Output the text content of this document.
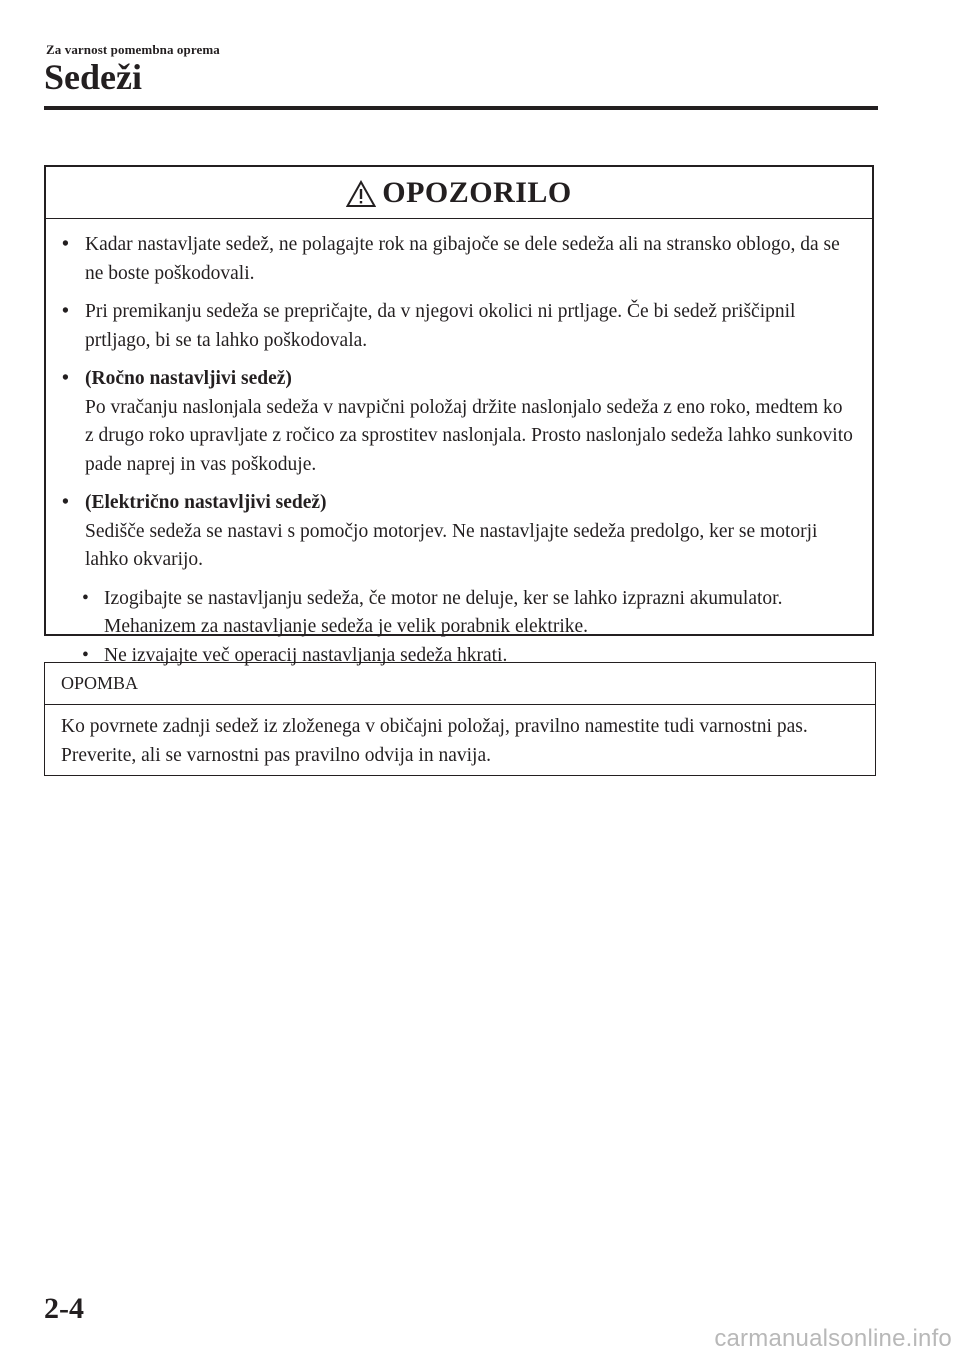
Za varnost pomembna oprema
Sedeži
OPOZORILO
• Kadar nastavljate sedež, ne polagajte rok na gibajoče se dele sedeža ali na stransko oblogo, da se ne boste poškodovali.
• Pri premikanju sedeža se prepričajte, da v njegovi okolici ni prtljage. Če bi sedež priščipnil prtljago, bi se ta lahko poškodovala.
• (Ročno nastavljivi sedež)
Po vračanju naslonjala sedeža v navpični položaj držite naslonjalo sedeža z eno roko, medtem ko z drugo roko upravljate z ročico za sprostitev naslonjala. Prosto naslonjalo sedeža lahko sunkovito pade naprej in vas poškoduje.
• (Električno nastavljivi sedež)
Sedišče sedeža se nastavi s pomočjo motorjev. Ne nastavljajte sedeža predolgo, ker se motorji lahko okvarijo.
• Izogibajte se nastavljanju sedeža, če motor ne deluje, ker se lahko izprazni akumulator. Mehanizem za nastavljanje sedeža je velik porabnik elektrike.
• Ne izvajajte več operacij nastavljanja sedeža hkrati.
OPOMBA
Ko povrnete zadnji sedež iz zloženega v običajni položaj, pravilno namestite tudi varnostni pas. Preverite, ali se varnostni pas pravilno odvija in navija.
2-4
carmanualsonline.info
